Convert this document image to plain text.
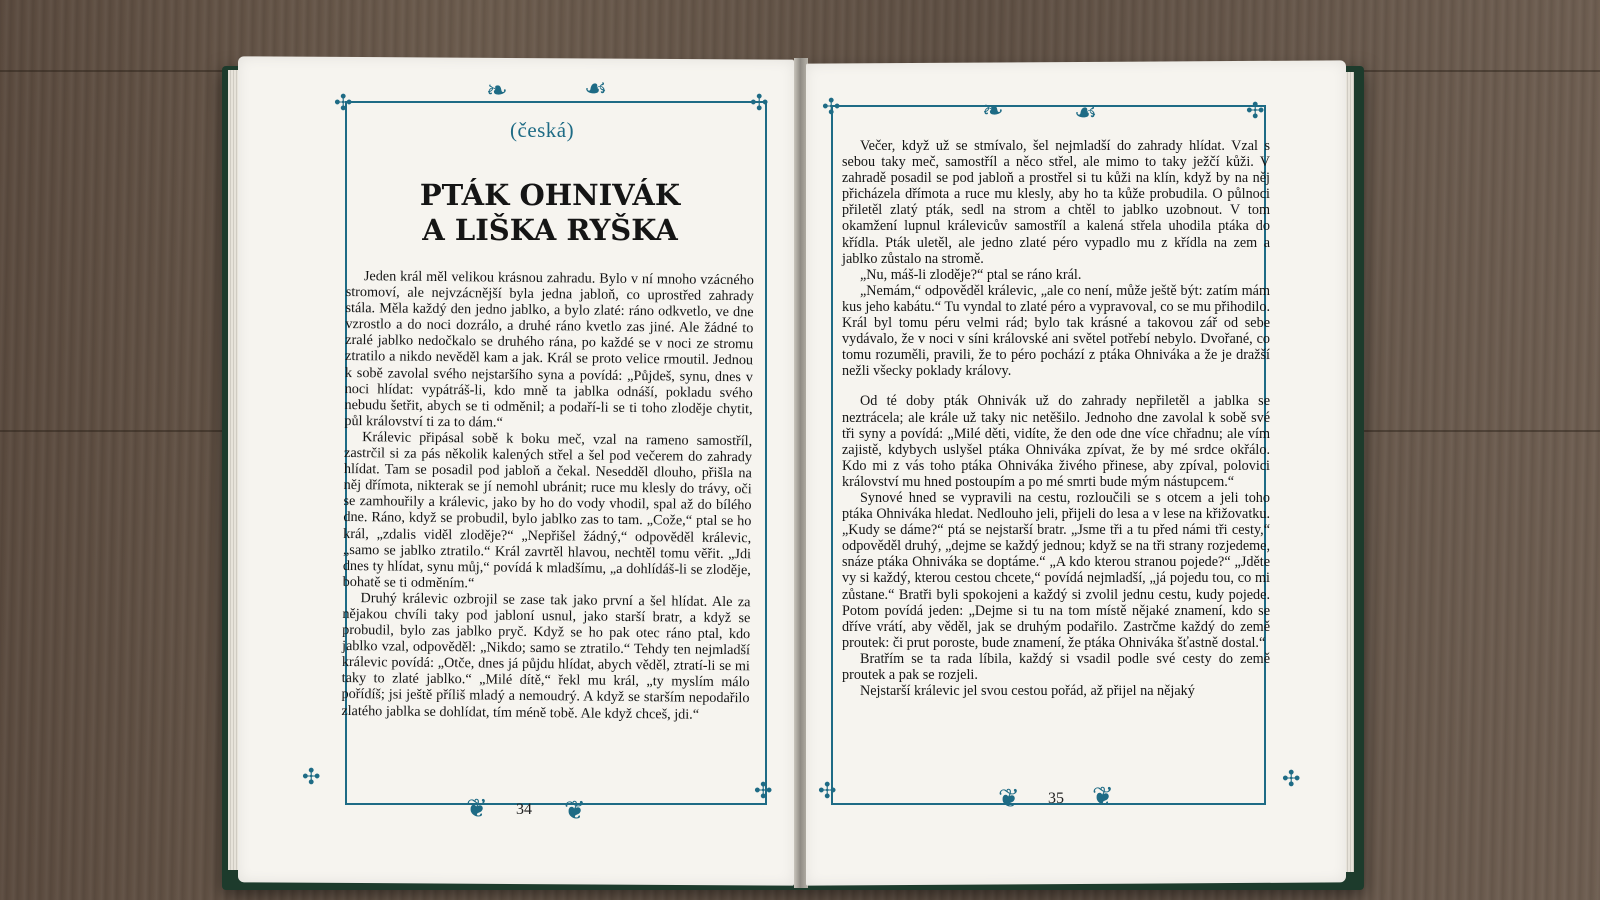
❧	☙
✣	✣
✣
✣
❦	❦
34
(česká)
PTÁK OHNIVÁK
A LIŠKA RYŠKA

Jeden král měl velikou krásnou zahradu. Bylo v ní mnoho vzácného stromoví, ale nejvzácnější byla jedna jabloň, co uprostřed zahrady stála. Měla každý den jedno jablko, a bylo zlaté: ráno odkvetlo, ve dne vzrostlo a do noci dozrálo, a druhé ráno kvetlo zas jiné. Ale žádné to zralé jablko nedočkalo se druhého rána, po každé se v noci ze stromu ztratilo a nikdo nevěděl kam a jak. Král se proto velice rmoutil. Jednou k sobě zavolal svého nejstaršího syna a povídá: „Půjdeš, synu, dnes v noci hlídat: vypátráš-li, kdo mně ta jablka odnáší, pokladu svého nebudu šetřit, abych se ti odměnil; a podaří-li se ti toho zloděje chytit, půl království ti za to dám.“

Králevic připásal sobě k boku meč, vzal na rameno samostříl, zastrčil si za pás několik kalených střel a šel pod večerem do zahrady hlídat. Tam se posadil pod jabloň a čekal. Nesedděl dlouho, přišla na něj dřímota, nikterak se jí nemohl ubránit; ruce mu klesly do trávy, oči se zamhouřily a králevic, jako by ho do vody vhodil, spal až do bílého dne. Ráno, když se probudil, bylo jablko zas to tam. „Cože,“ ptal se ho král, „zdalis viděl zloděje?“ „Nepřišel žádný,“ odpověděl králevic, „samo se jablko ztratilo.“ Král zavrtěl hlavou, nechtěl tomu věřit. „Jdi dnes ty hlídat, synu můj,“ povídá k mladšímu, „a dohlídáš-li se zloděje, bohatě se ti odměním.“

Druhý králevic ozbrojil se zase tak jako první a šel hlídat. Ale za nějakou chvíli taky pod jabloní usnul, jako starší bratr, a když se probudil, bylo zas jablko pryč. Když se ho pak otec ráno ptal, kdo jablko vzal, odpověděl: „Nikdo; samo se ztratilo.“ Tehdy ten nejmladší králevic povídá: „Otče, dnes já půjdu hlídat, abych věděl, ztratí-li se mi taky to zlaté jablko.“ „Milé dítě,“ řekl mu král, „ty myslím málo pořídíš; jsi ještě příliš mladý a nemoudrý. A když se starším nepodařilo zlatého jablka se dohlídat, tím méně tobě. Ale když chceš, jdi.“

❧	☙
✣	✣
✣	✣
❦	❦
35

Večer, když už se stmívalo, šel nejmladší do zahrady hlídat. Vzal s sebou taky meč, samostříl a něco střel, ale mimo to taky ježčí kůži. V zahradě posadil se pod jabloň a prostřel si tu kůži na klín, když by na něj přicházela dřímota a ruce mu klesly, aby ho ta kůže probudila. O půlnoci přiletěl zlatý pták, sedl na strom a chtěl to jablko uzobnout. V tom okamžení lupnul králevicův samostříl a kalená střela uhodila ptáka do křídla. Pták uletěl, ale jedno zlaté péro vypadlo mu z křídla na zem a jablko zůstalo na stromě.

„Nu, máš-li zloděje?“ ptal se ráno král.

„Nemám,“ odpověděl králevic, „ale co není, může ještě být: zatím mám kus jeho kabátu.“ Tu vyndal to zlaté péro a vypravoval, co se mu přihodilo. Král byl tomu péru velmi rád; bylo tak krásné a takovou zář od sebe vydávalo, že v noci v síni královské ani světel potřebí nebylo. Dvořané, co tomu rozuměli, pravili, že to péro pochází z ptáka Ohniváka a že je dražší nežli všecky poklady královy.

Od té doby pták Ohnivák už do zahrady nepřiletěl a jablka se neztrácela; ale krále už taky nic netěšilo. Jednoho dne zavolal k sobě své tři syny a povídá: „Milé děti, vidíte, že den ode dne více chřadnu; ale vím zajistě, kdybych uslyšel ptáka Ohniváka zpívat, že by mé srdce okřálo. Kdo mi z vás toho ptáka Ohniváka živého přinese, aby zpíval, polovici království mu hned postoupím a po mé smrti bude mým nástupcem.“

Synové hned se vypravili na cestu, rozloučili se s otcem a jeli toho ptáka Ohniváka hledat. Nedlouho jeli, přijeli do lesa a v lese na křižovatku. „Kudy se dáme?“ ptá se nejstarší bratr. „Jsme tři a tu před námi tři cesty,“ odpověděl druhý, „dejme se každý jednou; když se na tři strany rozjedeme, snáze ptáka Ohniváka se doptáme.“ „A kdo kterou stranou pojede?“ „Jděte vy si každý, kterou cestou chcete,“ povídá nejmladší, „já pojedu tou, co mi zůstane.“ Bratři byli spokojeni a každý si zvolil jednu cestu, kudy pojede. Potom povídá jeden: „Dejme si tu na tom místě nějaké znamení, kdo se dříve vrátí, aby věděl, jak se druhým podařilo. Zastrčme každý do země proutek: či prut poroste, bude znamení, že ptáka Ohniváka šťastně dostal.“

Bratřím se ta rada líbila, každý si vsadil podle své cesty do země proutek a pak se rozjeli.

Nejstarší králevic jel svou cestou pořád, až přijel na nějaký
